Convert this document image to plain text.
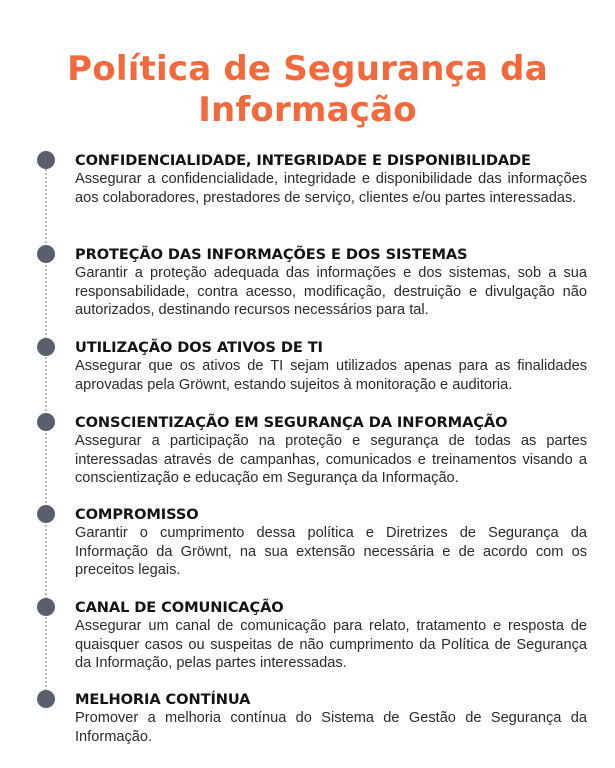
Política de Segurança da Informação
CONFIDENCIALIDADE, INTEGRIDADE E DISPONIBILIDADE
Assegurar a confidencialidade, integridade e disponibilidade das informações aos colaboradores, prestadores de serviço, clientes e/ou partes interessadas.
PROTEÇÃO DAS INFORMAÇÕES E DOS SISTEMAS
Garantir a proteção adequada das informações e dos sistemas, sob a sua responsabilidade, contra acesso, modificação, destruição e divulgação não autorizados, destinando recursos necessários para tal.
UTILIZAÇÃO DOS ATIVOS DE TI
Assegurar que os ativos de TI sejam utilizados apenas para as finalidades aprovadas pela Gröwnt, estando sujeitos à monitoração e auditoria.
CONSCIENTIZAÇÃO EM SEGURANÇA DA INFORMAÇÃO
Assegurar a participação na proteção e segurança de todas as partes interessadas através de campanhas, comunicados e treinamentos visando a conscientização e educação em Segurança da Informação.
COMPROMISSO
Garantir o cumprimento dessa política e Diretrizes de Segurança da Informação da Gröwnt, na sua extensão necessária e de acordo com os preceitos legais.
CANAL DE COMUNICAÇÃO
Assegurar um canal de comunicação para relato, tratamento e resposta de quaisquer casos ou suspeitas de não cumprimento da Política de Segurança da Informação, pelas partes interessadas.
MELHORIA CONTÍNUA
Promover a melhoria contínua do Sistema de Gestão de Segurança da Informação.
